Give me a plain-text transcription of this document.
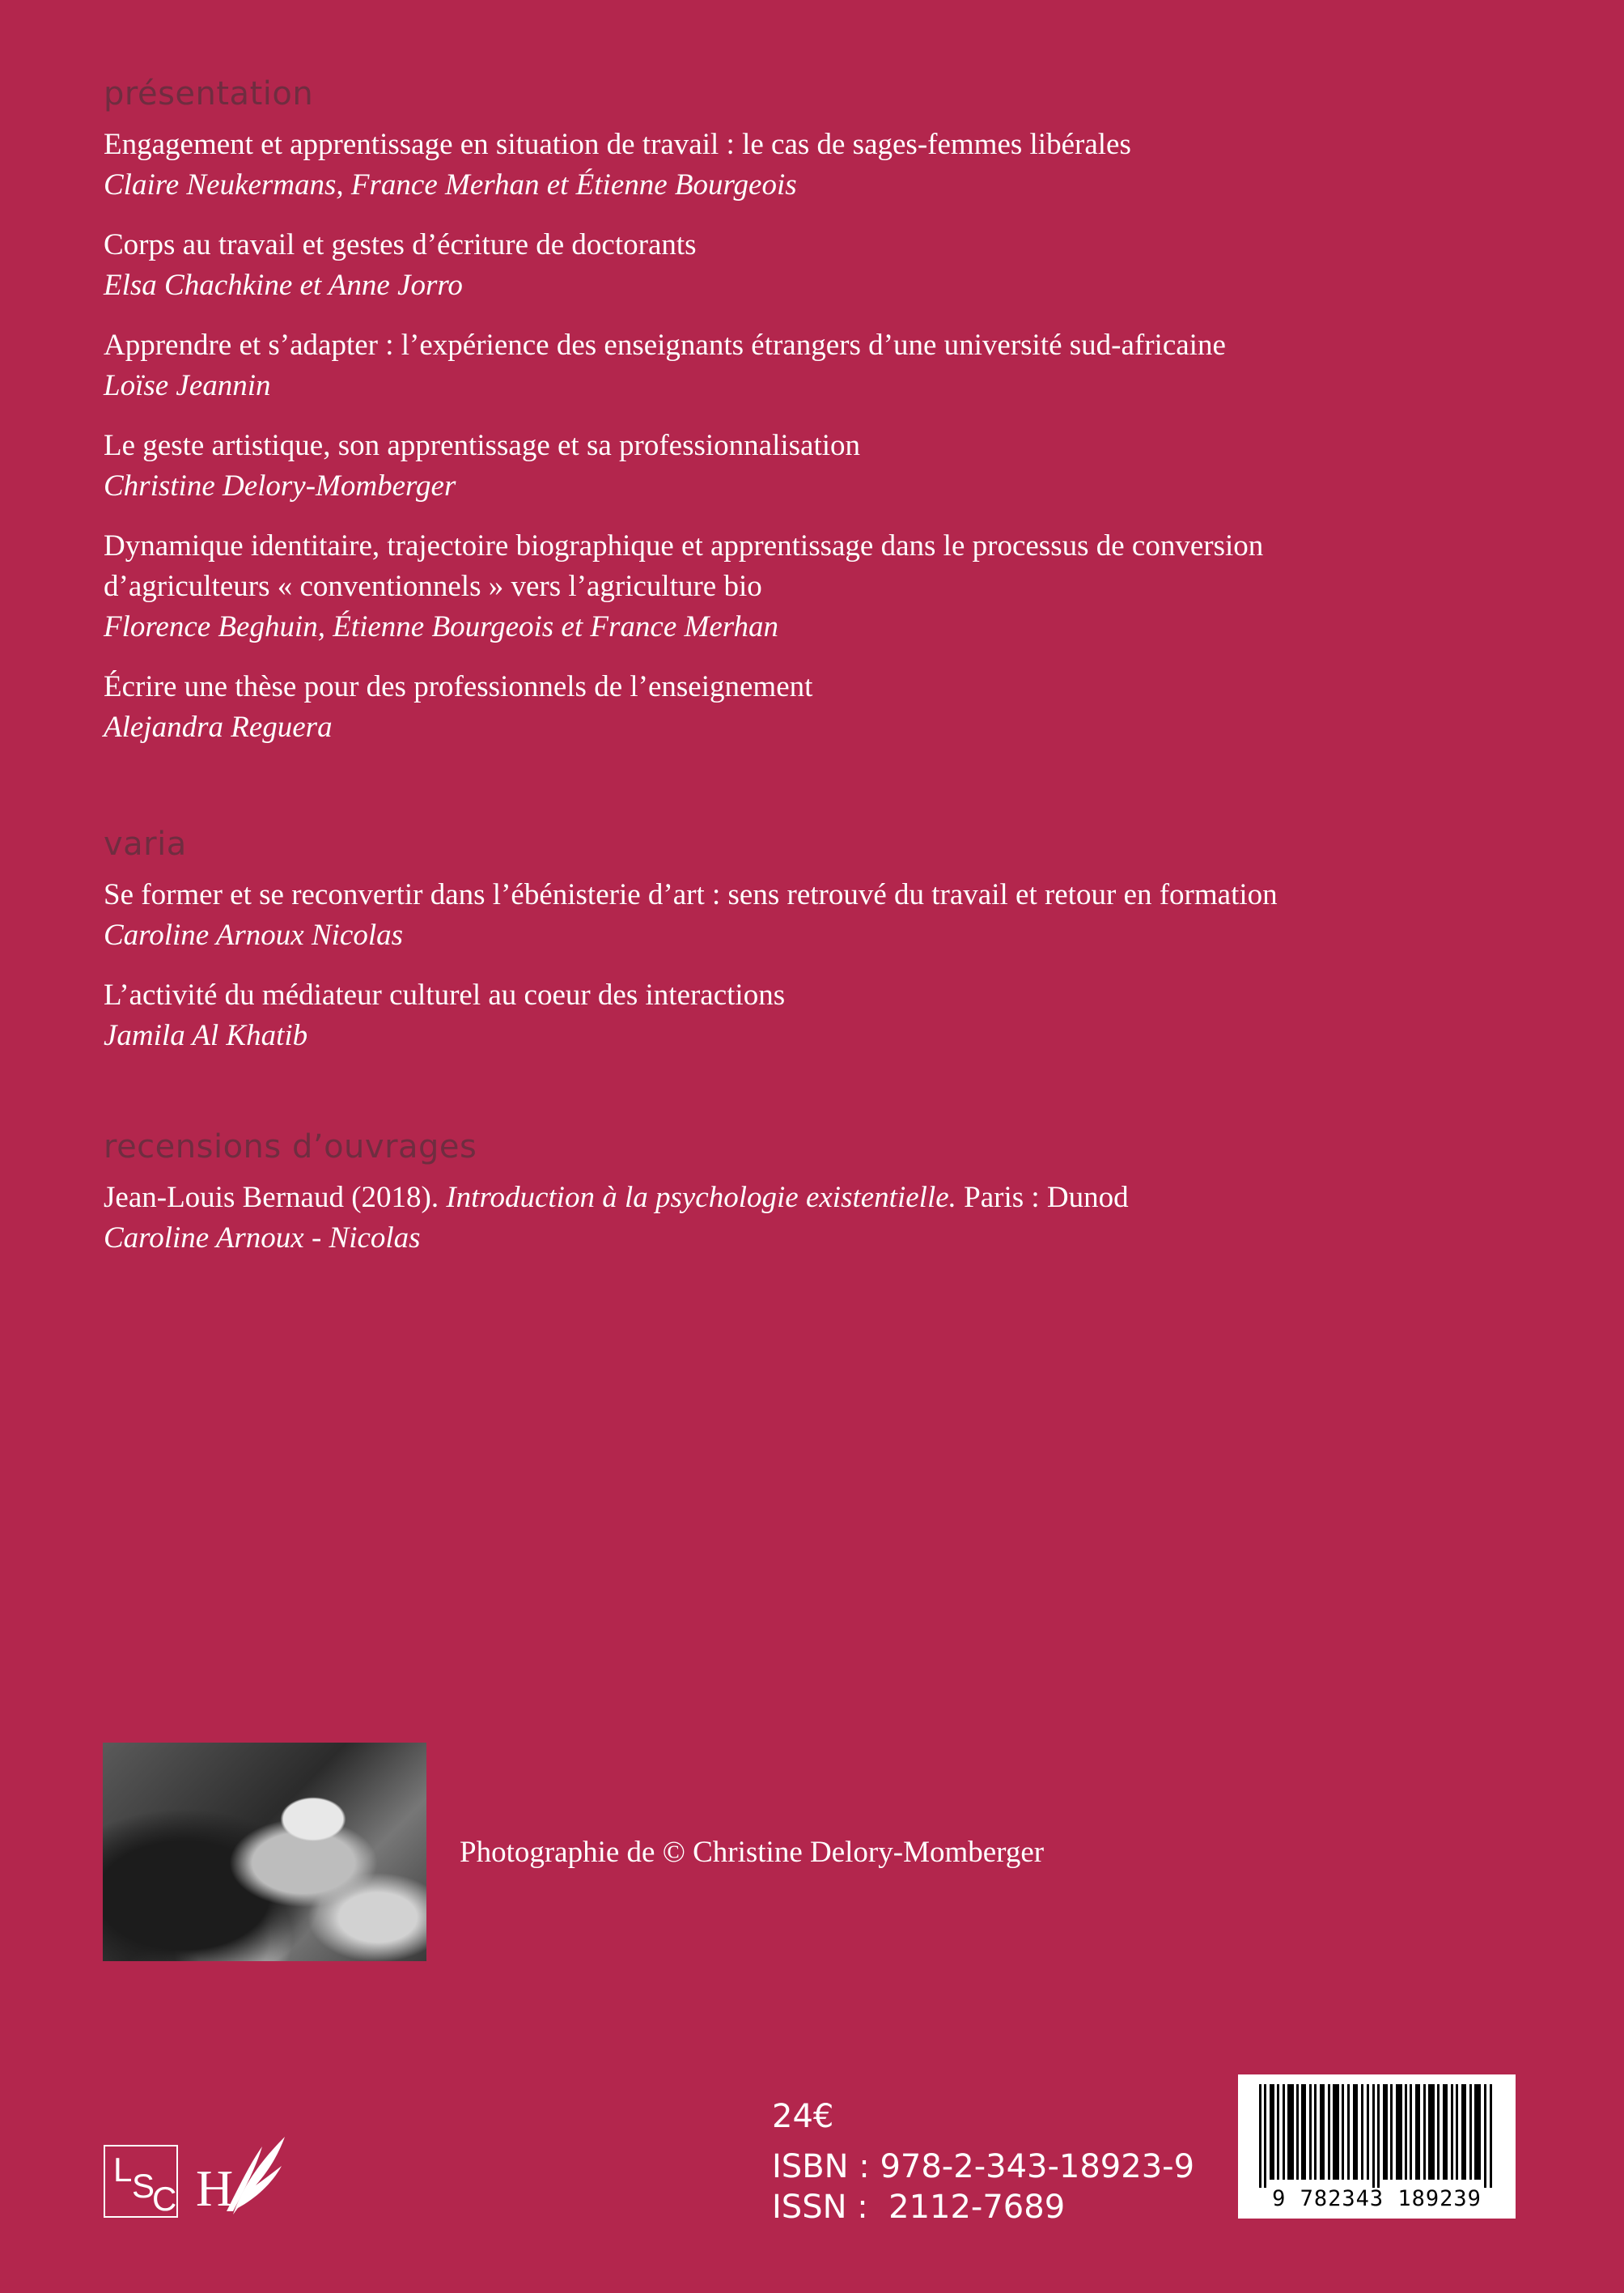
présentation
Engagement et apprentissage en situation de travail : le cas de sages-femmes libérales
Claire Neukermans, France Merhan et Étienne Bourgeois
Corps au travail et gestes d’écriture de doctorants
Elsa Chachkine et Anne Jorro
Apprendre et s’adapter : l’expérience des enseignants étrangers d’une université sud-africaine
Loïse Jeannin
Le geste artistique, son apprentissage et sa professionnalisation
Christine Delory-Momberger
Dynamique identitaire, trajectoire biographique et apprentissage dans le processus de conversion
d’agriculteurs « conventionnels » vers l’agriculture bio
Florence Beghuin, Étienne Bourgeois et France Merhan
Écrire une thèse pour des professionnels de l’enseignement
Alejandra Reguera
varia
Se former et se reconvertir dans l’ébénisterie d’art : sens retrouvé du travail et retour en formation
Caroline Arnoux Nicolas
L’activité du médiateur culturel au coeur des interactions
Jamila Al Khatib
recensions d’ouvrages
Jean-Louis Bernaud (2018). Introduction à la psychologie existentielle. Paris : Dunod
Caroline Arnoux - Nicolas
Photographie de © Christine Delory-Momberger
24€
ISBN : 978-2-343-18923-9
ISSN :  2112-7689	9 782343 189239
L S
C H
